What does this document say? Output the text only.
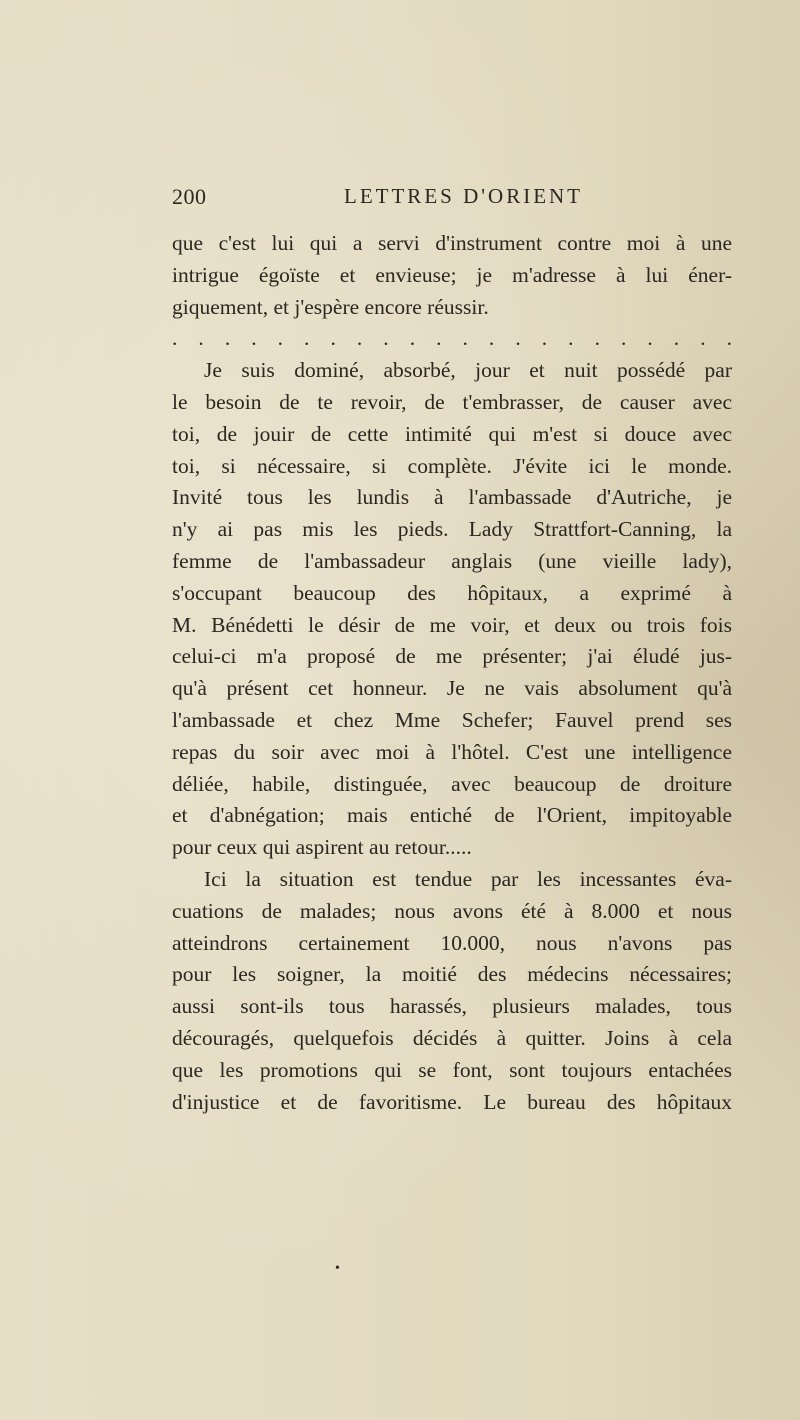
200	LETTRES D'ORIENT
que c'est lui qui a servi d'instrument contre moi à une
intrigue égoïste et envieuse; je m'adresse à lui éner-
giquement, et j'espère encore réussir.
. . . . . . . . . . . . . . . . . . . . . .
Je suis dominé, absorbé, jour et nuit possédé par
le besoin de te revoir, de t'embrasser, de causer avec
toi, de jouir de cette intimité qui m'est si douce avec
toi, si nécessaire, si complète. J'évite ici le monde.
Invité tous les lundis à l'ambassade d'Autriche, je
n'y ai pas mis les pieds. Lady Strattfort-Canning, la
femme de l'ambassadeur anglais (une vieille lady),
s'occupant beaucoup des hôpitaux, a exprimé à
M. Bénédetti le désir de me voir, et deux ou trois fois
celui-ci m'a proposé de me présenter; j'ai éludé jus-
qu'à présent cet honneur. Je ne vais absolument qu'à
l'ambassade et chez Mme Schefer; Fauvel prend ses
repas du soir avec moi à l'hôtel. C'est une intelligence
déliée, habile, distinguée, avec beaucoup de droiture
et d'abnégation; mais entiché de l'Orient, impitoyable
pour ceux qui aspirent au retour.....
Ici la situation est tendue par les incessantes éva-
cuations de malades; nous avons été à 8.000 et nous
atteindrons certainement 10.000, nous n'avons pas
pour les soigner, la moitié des médecins nécessaires;
aussi sont-ils tous harassés, plusieurs malades, tous
découragés, quelquefois décidés à quitter. Joins à cela
que les promotions qui se font, sont toujours entachées
d'injustice et de favoritisme. Le bureau des hôpitaux
•
